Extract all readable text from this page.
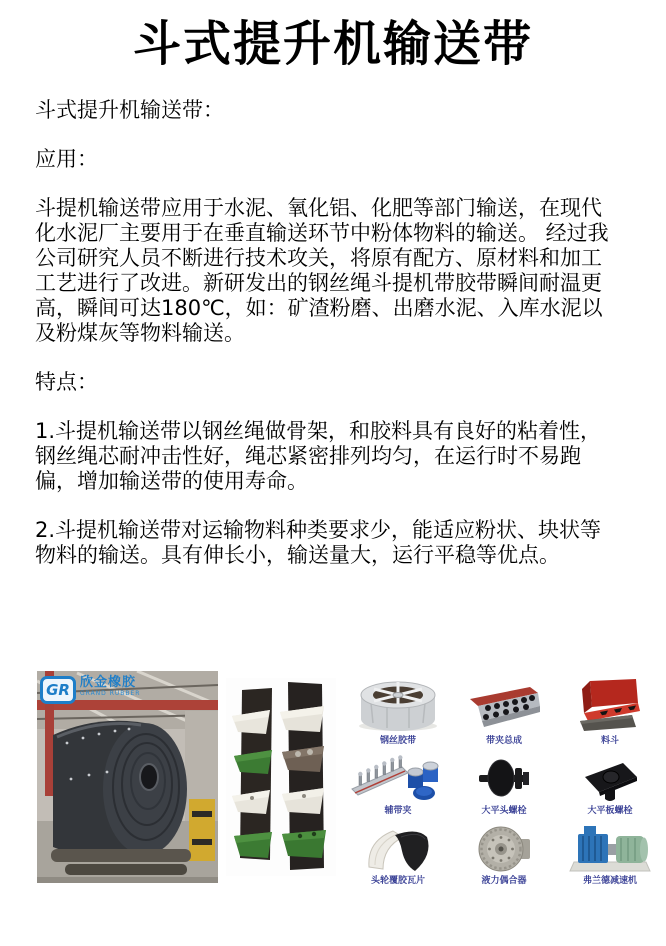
斗式提升机输送带

斗式提升机输送带：

应用：

斗提机输送带应用于水泥、氧化铝、化肥等部门输送，在现代化水泥厂主要用于在垂直输送环节中粉体物料的输送。 经过我公司研究人员不断进行技术攻关，将原有配方、原材料和加工工艺进行了改进。新研发出的钢丝绳斗提机带胶带瞬间耐温更高，瞬间可达180℃，如：矿渣粉磨、出磨水泥、入库水泥以及粉煤灰等物料输送。

特点：

1.斗提机输送带以钢丝绳做骨架，和胶料具有良好的粘着性，钢丝绳芯耐冲击性好，绳芯紧密排列均匀，在运行时不易跑偏，增加输送带的使用寿命。

2.斗提机输送带对运输物料种类要求少，能适应粉状、块状等物料的输送。具有伸长小，输送量大，运行平稳等优点。

GR 欣金橡胶
GRAND RUBBER
钢丝胶带	带夹总成	料斗
辅带夹	大平头螺栓	大平板螺栓
头轮覆胶瓦片	液力偶合器	弗兰德减速机
